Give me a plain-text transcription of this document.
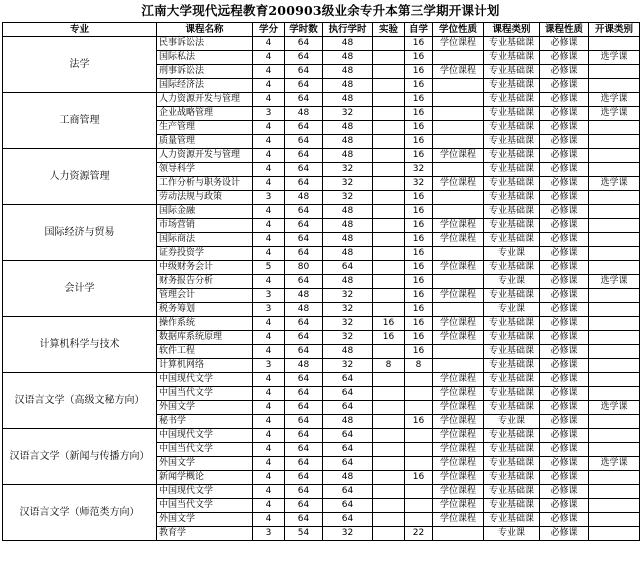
江南大学现代远程教育200903级业余专升本第三学期开课计划
专业	课程名称	学分	学时数	执行学时	实验	自学	学位性质	课程类别	课程性质	开课类别
法学	民事诉讼法	4	64	48		16	学位课程	专业基础课	必修课	
	国际私法	4	64	48		16		专业基础课	必修课	选学课
	刑事诉讼法	4	64	48		16	学位课程	专业基础课	必修课	
	国际经济法	4	64	48		16		专业基础课	必修课	
工商管理	人力资源开发与管理	4	64	48		16		专业基础课	必修课	选学课
	企业战略管理	3	48	32		16		专业基础课	必修课	选学课
	生产管理	4	64	48		16		专业基础课	必修课	
	质量管理	4	64	48		16		专业基础课	必修课	
人力资源管理	人力资源开发与管理	4	64	48		16	学位课程	专业基础课	必修课	
	领导科学	4	64	32		32		专业基础课	必修课	
	工作分析与职务设计	4	64	32		32	学位课程	专业基础课	必修课	选学课
	劳动法规与政策	3	48	32		16		专业基础课	必修课	
国际经济与贸易	国际金融	4	64	48		16		专业基础课	必修课	
	市场营销	4	64	48		16	学位课程	专业基础课	必修课	
	国际商法	4	64	48		16	学位课程	专业基础课	必修课	
	证券投资学	4	64	48		16		专业课	必修课	
会计学	中级财务会计	5	80	64		16	学位课程	专业基础课	必修课	
	财务报告分析	4	64	48		16		专业课	必修课	选学课
	管理会计	3	48	32		16	学位课程	专业基础课	必修课	
	税务筹划	3	48	32		16		专业课	必修课	
计算机科学与技术	操作系统	4	64	32	16	16	学位课程	专业基础课	必修课	
	数据库系统原理	4	64	32	16	16	学位课程	专业基础课	必修课	
	软件工程	4	64	48		16		专业基础课	必修课	
	计算机网络	3	48	32	8	8		专业基础课	必修课	
汉语言文学（高级文秘方向）	中国现代文学	4	64	64			学位课程	专业基础课	必修课	
	中国当代文学	4	64	64			学位课程	专业基础课	必修课	
	外国文学	4	64	64			学位课程	专业基础课	必修课	选学课
	秘书学	4	64	48		16	学位课程	专业课	必修课	
汉语言文学（新闻与传播方向）	中国现代文学	4	64	64			学位课程	专业基础课	必修课	
	中国当代文学	4	64	64			学位课程	专业基础课	必修课	
	外国文学	4	64	64			学位课程	专业基础课	必修课	选学课
	新闻学概论	4	64	48		16	学位课程	专业基础课	必修课	
汉语言文学（师范类方向）	中国现代文学	4	64	64			学位课程	专业基础课	必修课	
	中国当代文学	4	64	64			学位课程	专业基础课	必修课	
	外国文学	4	64	64			学位课程	专业基础课	必修课	
	教育学	3	54	32		22		专业课	必修课	
